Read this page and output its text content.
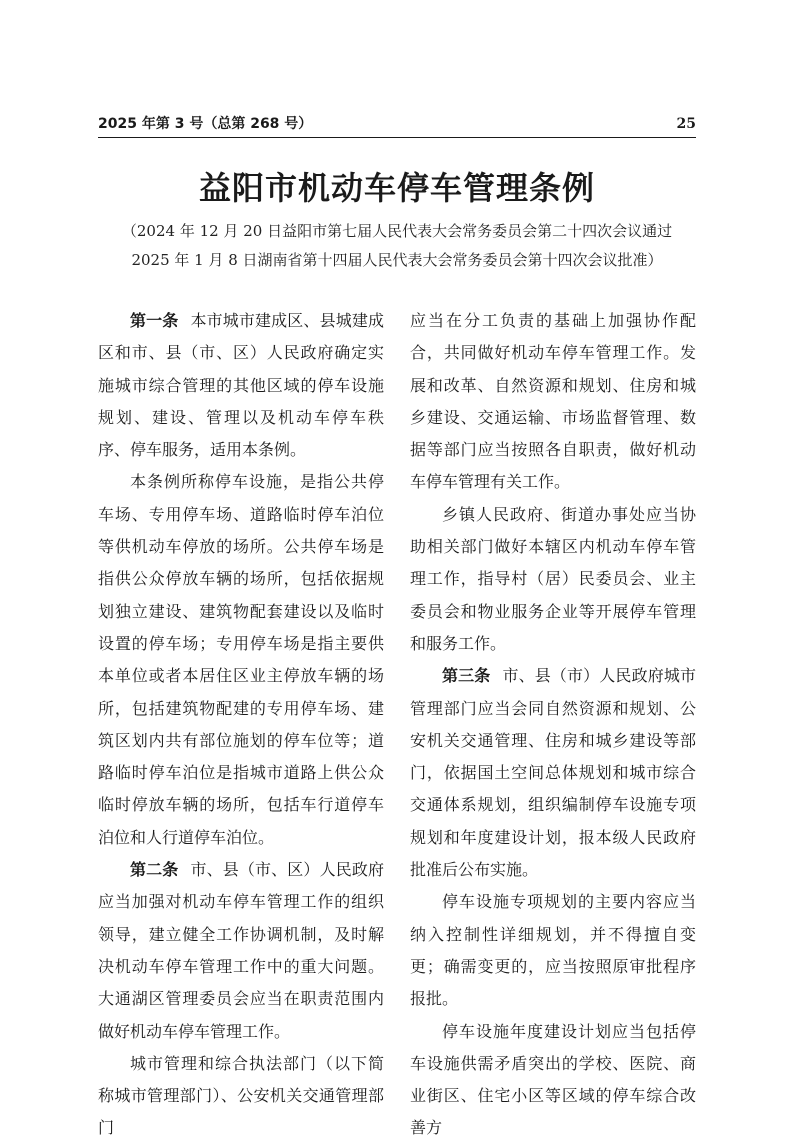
2025 年第 3 号（总第 268 号）	25
益阳市机动车停车管理条例
（2024 年 12 月 20 日益阳市第七届人民代表大会常务委员会第二十四次会议通过
2025 年 1 月 8 日湖南省第十四届人民代表大会常务委员会第十四次会议批准）

第一条 本市城市建成区、县城建成区和市、县（市、区）人民政府确定实施城市综合管理的其他区域的停车设施规划、建设、管理以及机动车停车秩序、停车服务，适用本条例。

本条例所称停车设施，是指公共停车场、专用停车场、道路临时停车泊位等供机动车停放的场所。公共停车场是指供公众停放车辆的场所，包括依据规划独立建设、建筑物配套建设以及临时设置的停车场；专用停车场是指主要供本单位或者本居住区业主停放车辆的场所，包括建筑物配建的专用停车场、建筑区划内共有部位施划的停车位等；道路临时停车泊位是指城市道路上供公众临时停放车辆的场所，包括车行道停车泊位和人行道停车泊位。

第二条 市、县（市、区）人民政府应当加强对机动车停车管理工作的组织领导，建立健全工作协调机制，及时解决机动车停车管理工作中的重大问题。大通湖区管理委员会应当在职责范围内做好机动车停车管理工作。

城市管理和综合执法部门（以下简称城市管理部门）、公安机关交通管理部门

应当在分工负责的基础上加强协作配合，共同做好机动车停车管理工作。发展和改革、自然资源和规划、住房和城乡建设、交通运输、市场监督管理、数据等部门应当按照各自职责，做好机动车停车管理有关工作。

乡镇人民政府、街道办事处应当协助相关部门做好本辖区内机动车停车管理工作，指导村（居）民委员会、业主委员会和物业服务企业等开展停车管理和服务工作。

第三条 市、县（市）人民政府城市管理部门应当会同自然资源和规划、公安机关交通管理、住房和城乡建设等部门，依据国土空间总体规划和城市综合交通体系规划，组织编制停车设施专项规划和年度建设计划，报本级人民政府批准后公布实施。

停车设施专项规划的主要内容应当纳入控制性详细规划，并不得擅自变更；确需变更的，应当按照原审批程序报批。

停车设施年度建设计划应当包括停车设施供需矛盾突出的学校、医院、商业街区、住宅小区等区域的停车综合改善方
